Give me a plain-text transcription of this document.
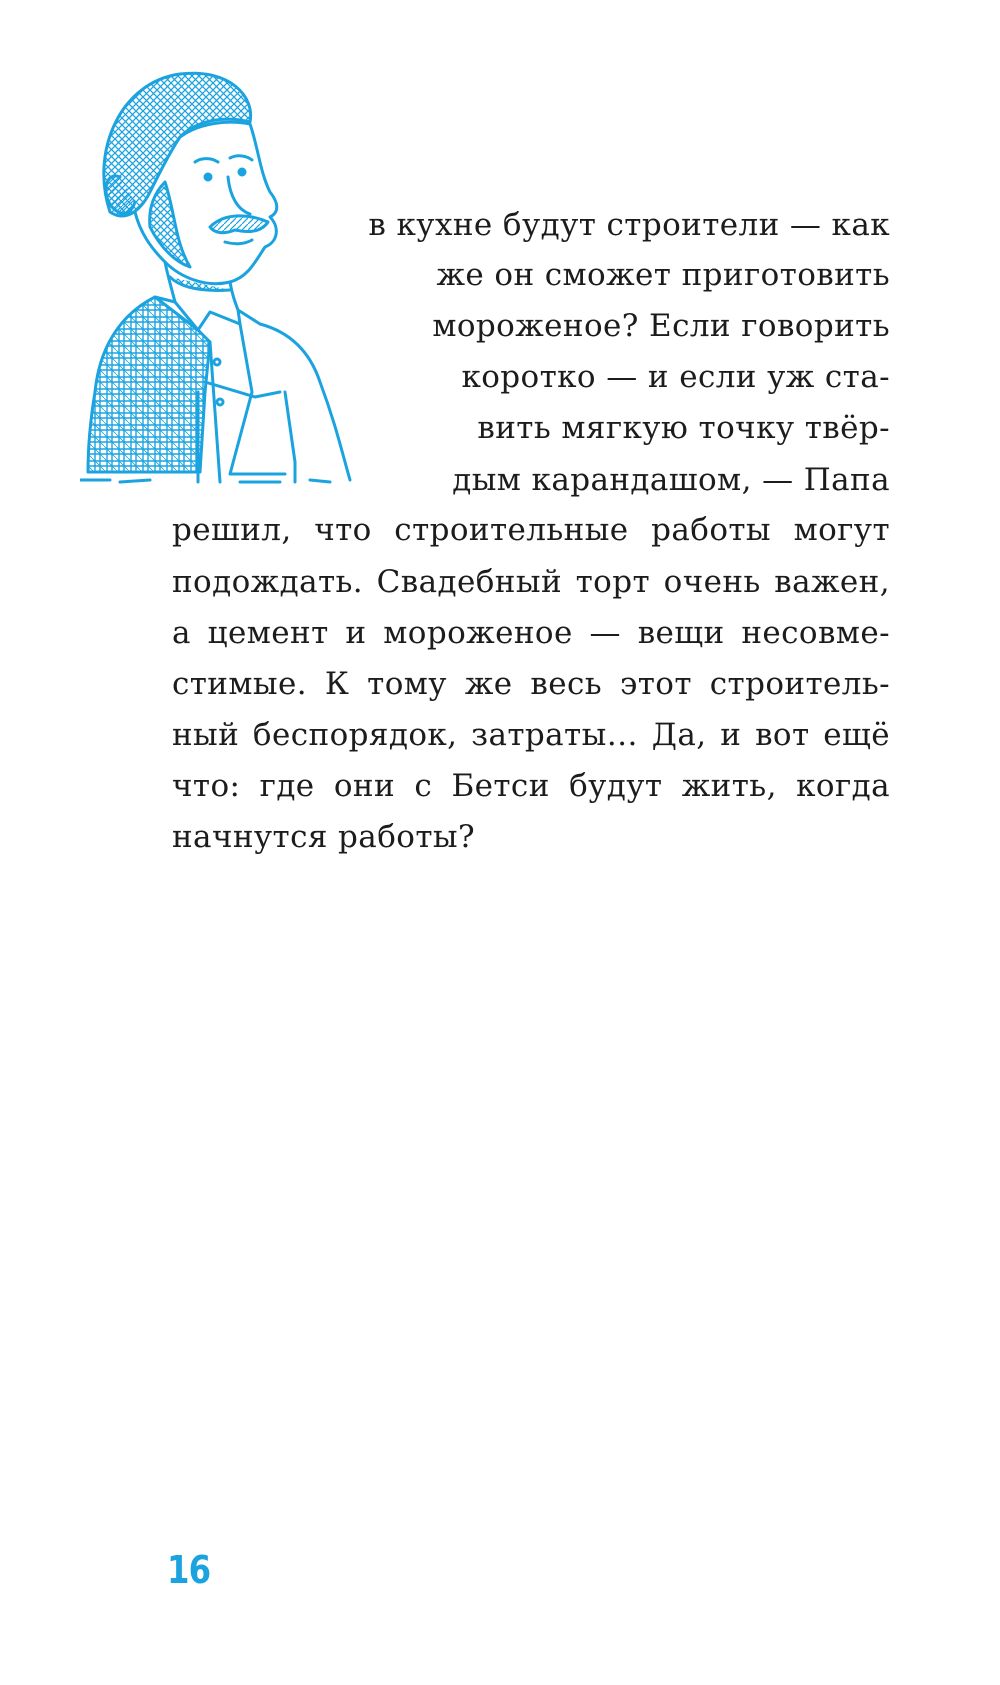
в кухне будут строители — как
же он сможет приготовить
мороженое? Если говорить
коротко — и если уж ста-
вить мягкую точку твёр-
дым карандашом, — Папа
решил, что строительные работы могут
подождать. Свадебный торт очень важен,
а цемент и мороженое — вещи несовме-
стимые. К тому же весь этот строитель-
ный беспорядок, затраты… Да, и вот ещё
что: где они с Бетси будут жить, когда
начнутся работы?
16
